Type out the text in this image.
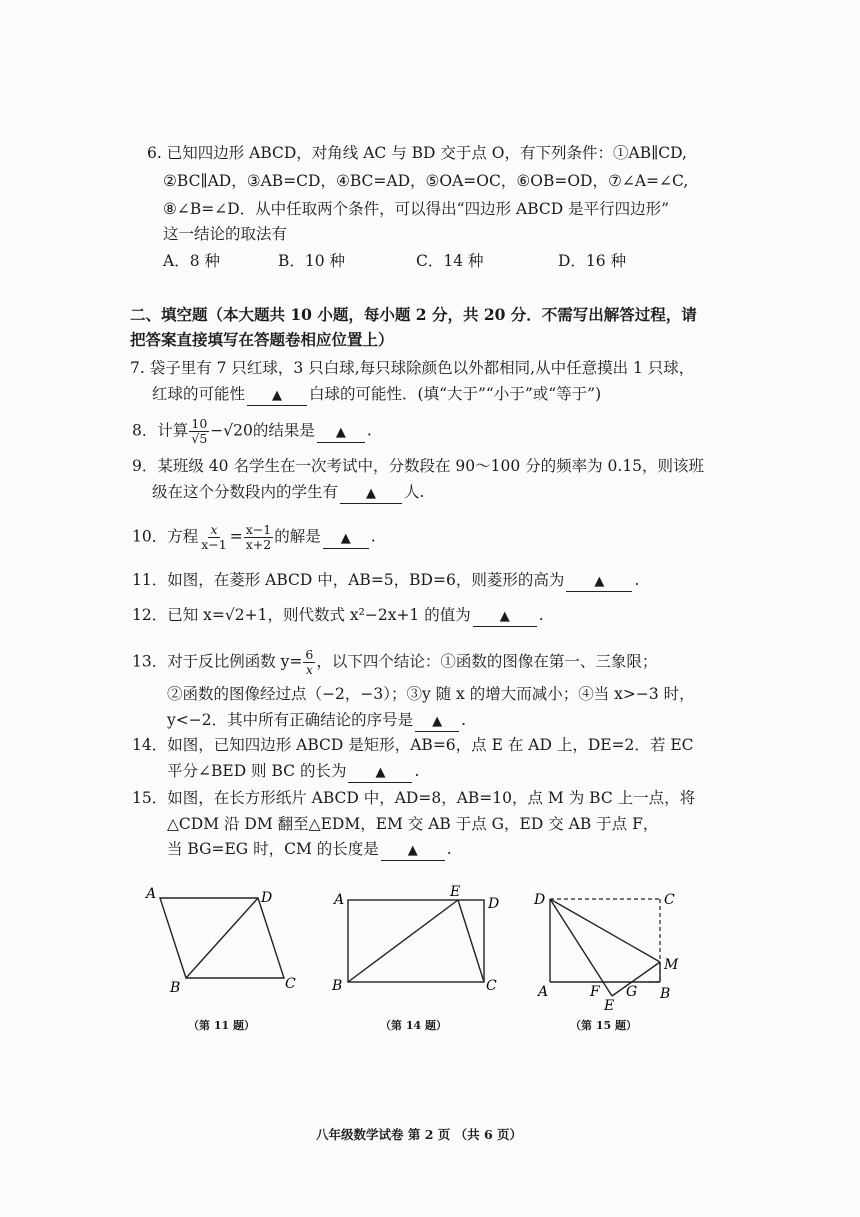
6. 已知四边形 ABCD，对角线 AC 与 BD 交于点 O，有下列条件：①AB∥CD,
②BC∥AD，③AB=CD，④BC=AD，⑤OA=OC，⑥OB=OD，⑦∠A=∠C,
⑧∠B=∠D．从中任取两个条件，可以得出“四边形 ABCD 是平行四边形”
这一结论的取法有
A．8 种	B．10 种	C．14 种	D．16 种
二、填空题（本大题共 10 小题，每小题 2 分，共 20 分．不需写出解答过程，请
把答案直接填写在答题卷相应位置上）
7. 袋子里有 7 只红球，3 只白球,每只球除颜色以外都相同,从中任意摸出 1 只球，
红球的可能性 ▲ 白球的可能性．(填“大于”“小于”或“等于”)
8．计算 $\frac{10}{√5} -√20$的结果是 ▲ .
9．某班级 40 名学生在一次考试中，分数段在 90～100 分的频率为 0.15，则该班
级在这个分数段内的学生有 ▲ 人.
10．方程 $\frac{x}{x-1} = \frac{x-1}{x+2}$ 的解是 ▲ .
11．如图，在菱形 ABCD 中，AB=5，BD=6，则菱形的高为 ▲ .
12．已知 x=√2+1，则代数式 x²−2x+1 的值为 ▲ .
13．对于反比例函数 $y= \frac{6}{x}$ ，以下四个结论：①函数的图像在第一、三象限；
②函数的图像经过点（−2，−3）；③y 随 x 的增大而减小；④当 x>−3 时，
y<−2．其中所有正确结论的序号是 ▲ .
14．如图，已知四边形 ABCD 是矩形，AB=6，点 E 在 AD 上，DE=2．若 EC
平分∠BED 则 BC 的长为 ▲ .
15．如图，在长方形纸片 ABCD 中，AD=8，AB=10，点 M 为 BC 上一点，将
△CDM 沿 DM 翻至△EDM，EM 交 AB 于点 G，ED 交 AB 于点 F，
当 BG=EG 时，CM 的长度是 ▲ .
A	D
B	C
（第 11 题）
A	E
D
B	C
（第 14 题）
D	C
M
A	F G B
E
（第 15 题）
八年级数学试卷 第 2 页 （共 6 页）
